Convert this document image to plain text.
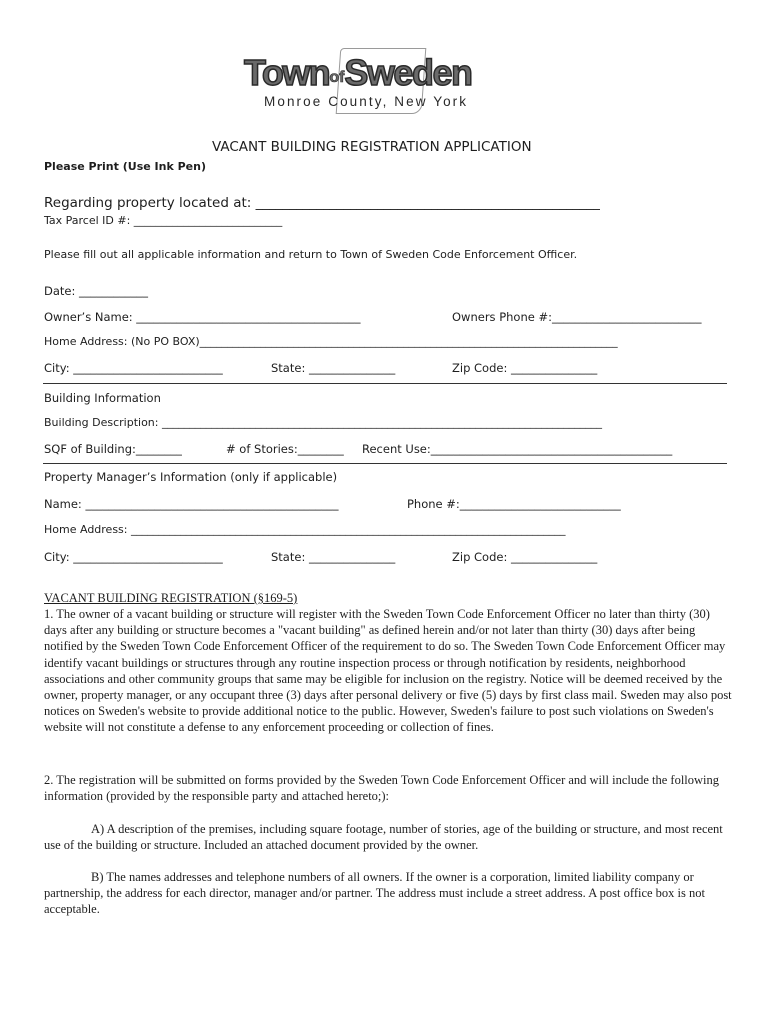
TownofSweden
Monroe County, New York
VACANT BUILDING REGISTRATION APPLICATION
Please Print (Use Ink Pen)
Regarding property located at: ___________________________________________________
Tax Parcel ID #: ___________________________
Please fill out all applicable information and return to Town of Sweden Code Enforcement Officer.
Date: ____________
Owner’s Name: _______________________________________	Owners Phone #:__________________________
Home Address: (No PO BOX)____________________________________________________________________________
City: __________________________	State: _______________	Zip Code: _______________
Building Information
Building Description: ________________________________________________________________________________
SQF of Building:________	# of Stories:________ Recent Use:__________________________________________
Property Manager’s Information (only if applicable)
Name: ____________________________________________	Phone #:____________________________
Home Address: _______________________________________________________________________________
City: __________________________	State: _______________	Zip Code: _______________
VACANT BUILDING REGISTRATION (§169-5)

1. The owner of a vacant building or structure will register with the Sweden Town Code Enforcement Officer no later than thirty (30) days after any building or structure becomes a "vacant building" as defined herein and/or not later than thirty (30) days after being notified by the Sweden Town Code Enforcement Officer of the requirement to do so. The Sweden Town Code Enforcement Officer may identify vacant buildings or structures through any routine inspection process or through notification by residents, neighborhood associations and other community groups that same may be eligible for inclusion on the registry. Notice will be deemed received by the owner, property manager, or any occupant three (3) days after personal delivery or five (5) days by first class mail. Sweden may also post notices on Sweden's website to provide additional notice to the public. However, Sweden's failure to post such violations on Sweden's website will not constitute a defense to any enforcement proceeding or collection of fines.

2. The registration will be submitted on forms provided by the Sweden Town Code Enforcement Officer and will include the following information (provided by the responsible party and attached hereto;):

A) A description of the premises, including square footage, number of stories, age of the building or structure, and most recent use of the building or structure. Included an attached document provided by the owner.

B) The names addresses and telephone numbers of all owners. If the owner is a corporation, limited liability company or partnership, the address for each director, manager and/or partner. The address must include a street address. A post office box is not acceptable.
